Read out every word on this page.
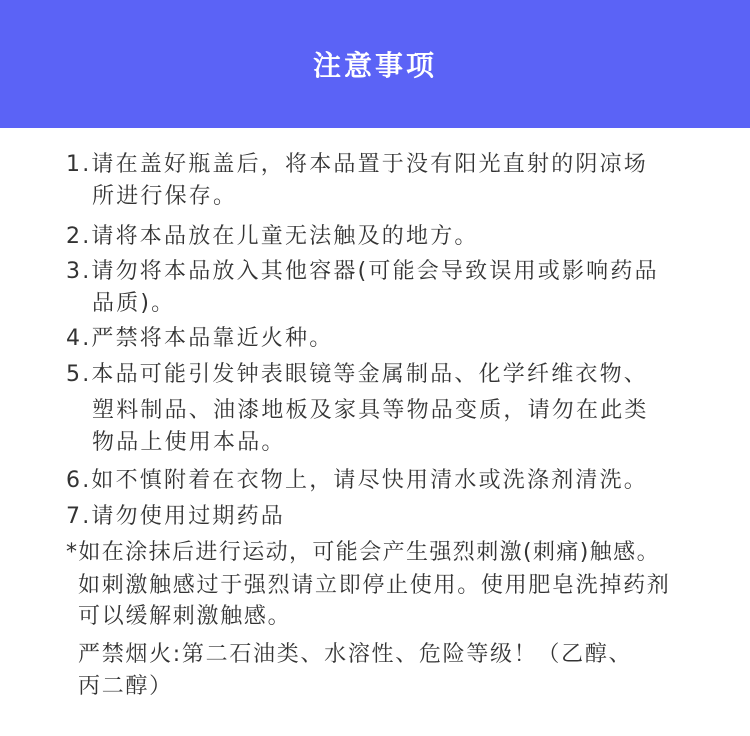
注意事项
1.请在盖好瓶盖后，将本品置于没有阳光直射的阴凉场
所进行保存。
2.请将本品放在儿童无法触及的地方。
3.请勿将本品放入其他容器(可能会导致误用或影响药品
品质)。
4.严禁将本品靠近火种。
5.本品可能引发钟表眼镜等金属制品、化学纤维衣物、
塑料制品、油漆地板及家具等物品变质，请勿在此类
物品上使用本品。
6.如不慎附着在衣物上，请尽快用清水或洗涤剂清洗。
7.请勿使用过期药品
*如在涂抹后进行运动，可能会产生强烈刺激(刺痛)触感。
如刺激触感过于强烈请立即停止使用。使用肥皂洗掉药剂
可以缓解刺激触感。
严禁烟火:第二石油类、水溶性、危险等级！（乙醇、
丙二醇）
